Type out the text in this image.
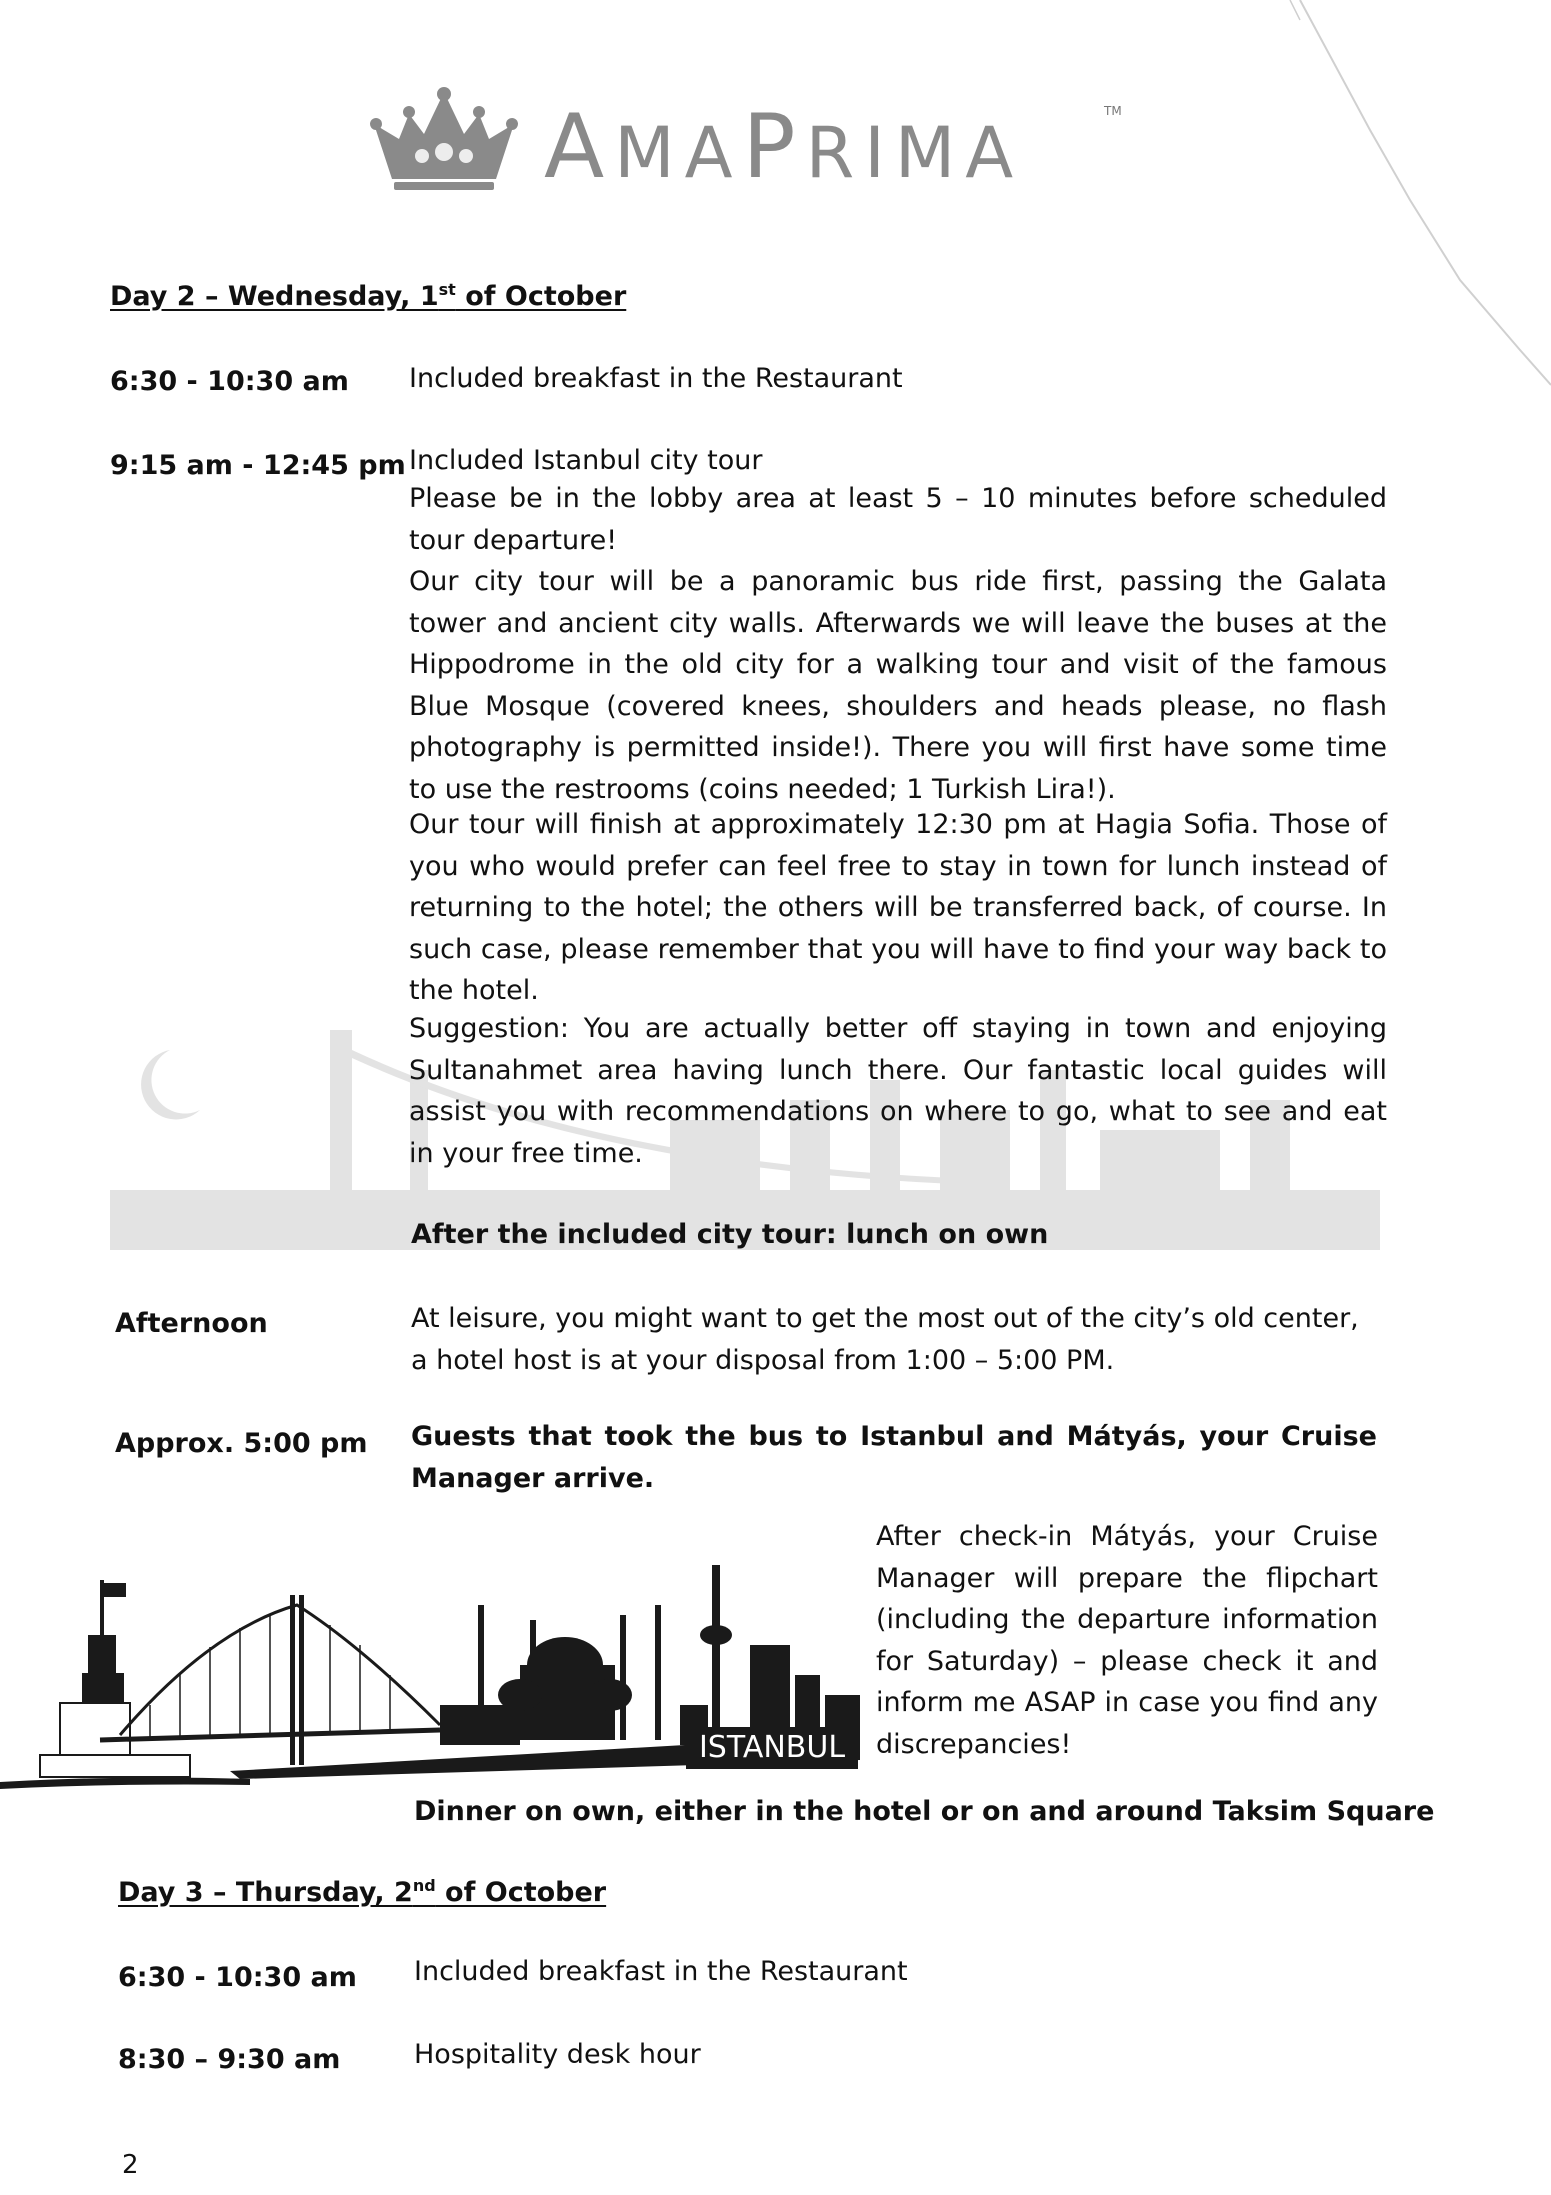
AMAPRIMA
TM
Day 2 – Wednesday, 1st of October
6:30 - 10:30 am Included breakfast in the Restaurant
9:15 am - 12:45 pm Included Istanbul city tour
Please be in the lobby area at least 5 – 10 minutes before scheduled tour departure!
Our city tour will be a panoramic bus ride first, passing the Galata tower and ancient city walls. Afterwards we will leave the buses at the Hippodrome in the old city for a walking tour and visit of the famous Blue Mosque (covered knees, shoulders and heads please, no flash photography is permitted inside!). There you will first have some time to use the restrooms (coins needed; 1 Turkish Lira!).
Our tour will finish at approximately 12:30 pm at Hagia Sofia. Those of you who would prefer can feel free to stay in town for lunch instead of returning to the hotel; the others will be transferred back, of course. In such case, please remember that you will have to find your way back to the hotel.
Suggestion: You are actually better off staying in town and enjoying Sultanahmet area having lunch there. Our fantastic local guides will assist you with recommendations on where to go, what to see and eat in your free time.
After the included city tour: lunch on own
Afternoon	At leisure, you might want to get the most out of the city’s old center, a hotel host is at your disposal from 1:00 – 5:00 PM.
Approx. 5:00 pm Guests that took the bus to Istanbul and Mátyás, your Cruise Manager arrive.
After check-in Mátyás, your Cruise Manager will prepare the flipchart (including the departure information for Saturday) – please check it and inform me ASAP in case you find any discrepancies!
ISTANBUL
Dinner on own, either in the hotel or on and around Taksim Square
Day 3 – Thursday, 2nd of October
6:30 - 10:30 am Included breakfast in the Restaurant
8:30 – 9:30 am	Hospitality desk hour
2
